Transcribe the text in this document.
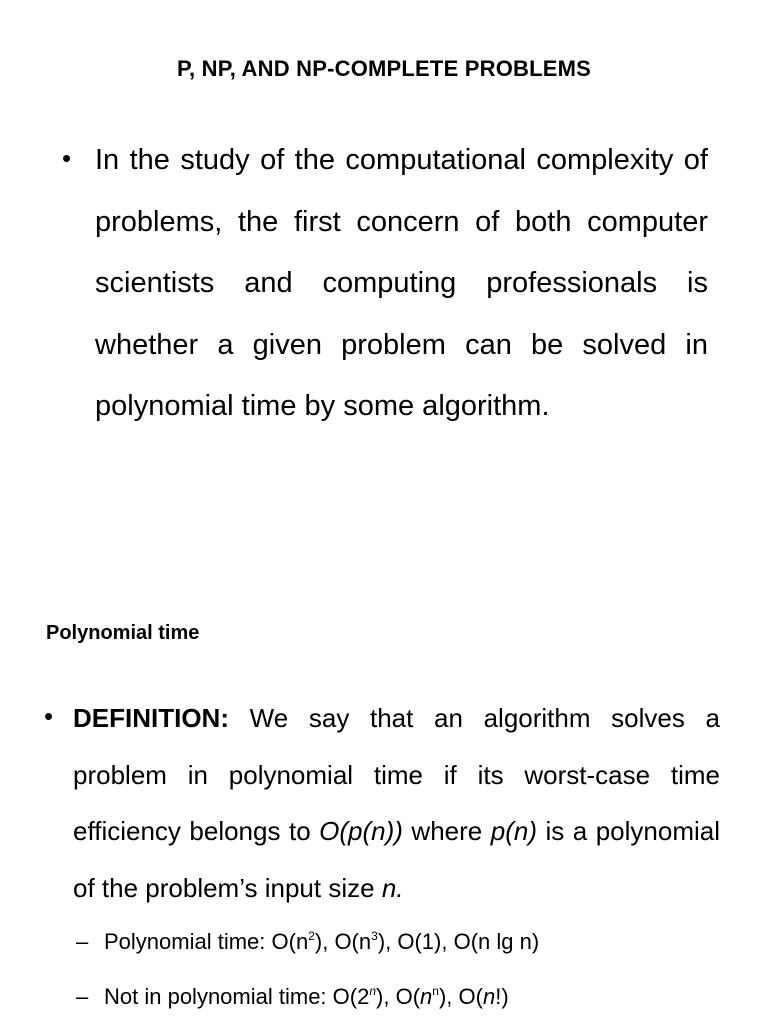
P, NP, AND NP-COMPLETE PROBLEMS
• In the study of the computational complexity of problems, the first concern of both computer scientists and computing professionals is whether a given problem can be solved in polynomial time by some algorithm.
Polynomial time
• DEFINITION: We say that an algorithm solves a problem in polynomial time if its worst-case time efficiency belongs to O(p(n)) where p(n) is a polynomial of the problem’s input size n.
– Polynomial time: $O(n^2)$, $O(n^3)$, O(1), O(n lg n)
– Not in polynomial time: O(2$^n$), $O(n^n)$, O(n!)
